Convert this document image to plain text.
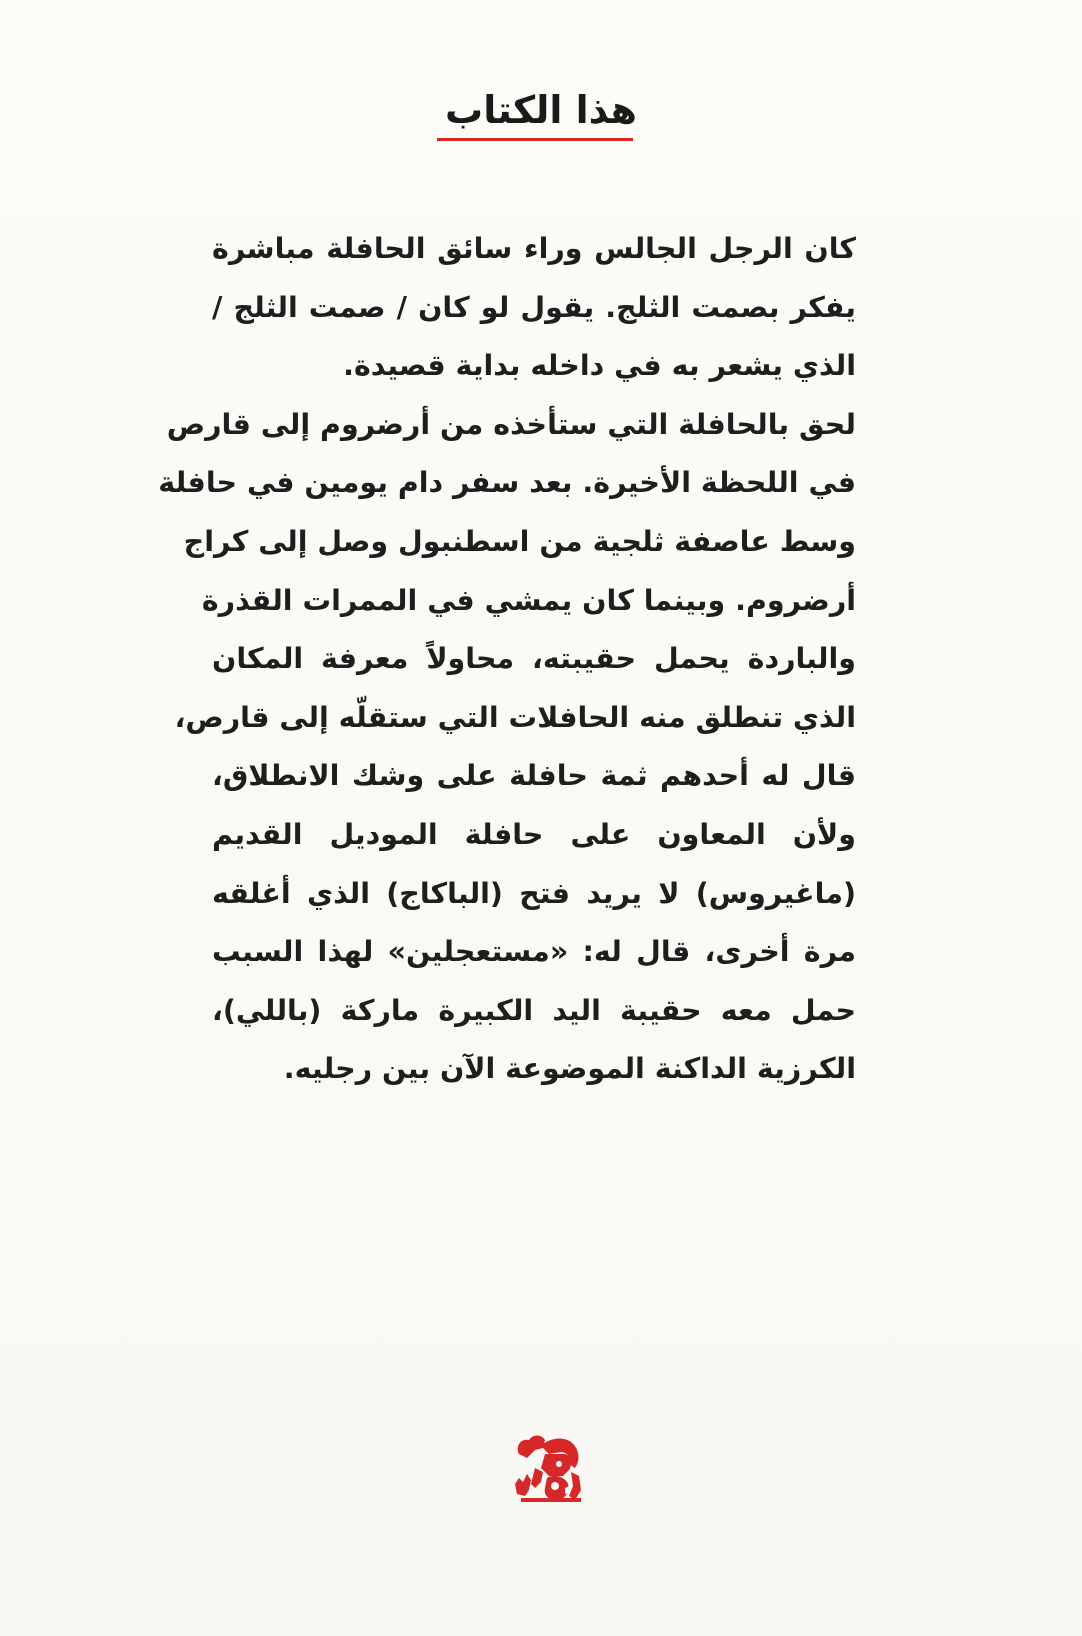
هذا الكتاب
كان الرجل الجالس وراء سائق الحافلة مباشرة
يفكر بصمت الثلج. يقول لو كان / صمت الثلج /
الذي يشعر به في داخله بداية قصيدة.
لحق بالحافلة التي ستأخذه من أرضروم إلى قارص
في اللحظة الأخيرة. بعد سفر دام يومين في حافلة
وسط عاصفة ثلجية من اسطنبول وصل إلى كراج
أرضروم. وبينما كان يمشي في الممرات القذرة
والباردة يحمل حقيبته، محاولاً معرفة المكان
الذي تنطلق منه الحافلات التي ستقلّه إلى قارص،
قال له أحدهم ثمة حافلة على وشك الانطلاق،
ولأن المعاون على حافلة الموديل القديم
(ماغيروس) لا يريد فتح (الباكاج) الذي أغلقه
مرة أخرى، قال له: «مستعجلين» لهذا السبب
حمل معه حقيبة اليد الكبيرة ماركة (باللي)،
الكرزية الداكنة الموضوعة الآن بين رجليه.
